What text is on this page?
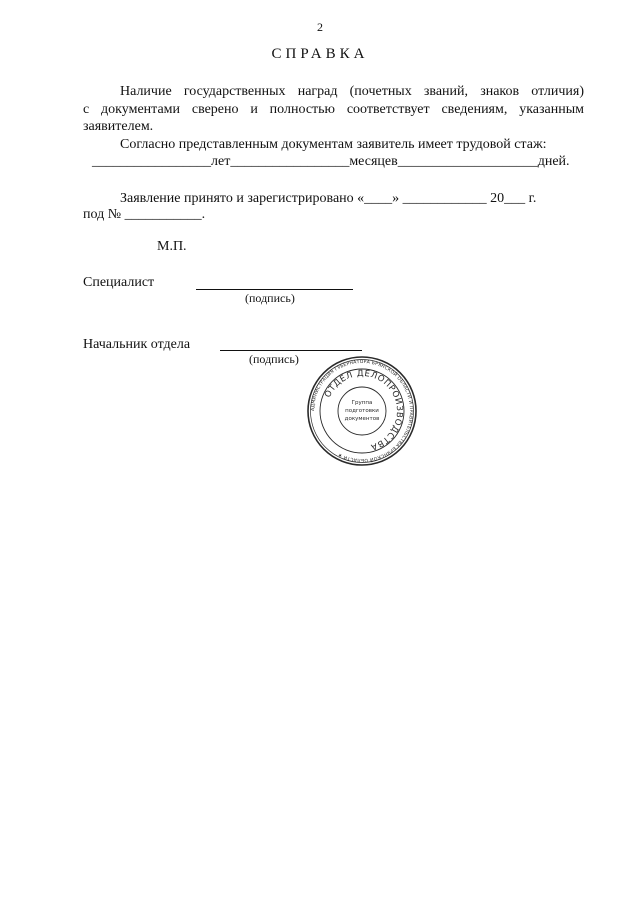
2
СПРАВКА
Наличие государственных наград (почетных званий, знаков отличия)
с документами сверено и полностью соответствует сведениям, указанным
заявителем.
Согласно представленным документам заявитель имеет трудовой стаж:
_________________лет_________________месяцев____________________дней.
Заявление принято и зарегистрировано «____» ____________ 20___ г.
под № ___________.
М.П.
Специалист
(подпись)
Начальник отдела
(подпись)
АДМИНИСТРАЦИЯ ГУБЕРНАТОРА БРЯНСКОЙ ОБЛАСТИ И ПРАВИТЕЛЬСТВА БРЯНСКОЙ ОБЛАСТИ ★
ОТДЕЛ ДЕЛОПРОИЗВОДСТВА
Группа
подготовки
документов
